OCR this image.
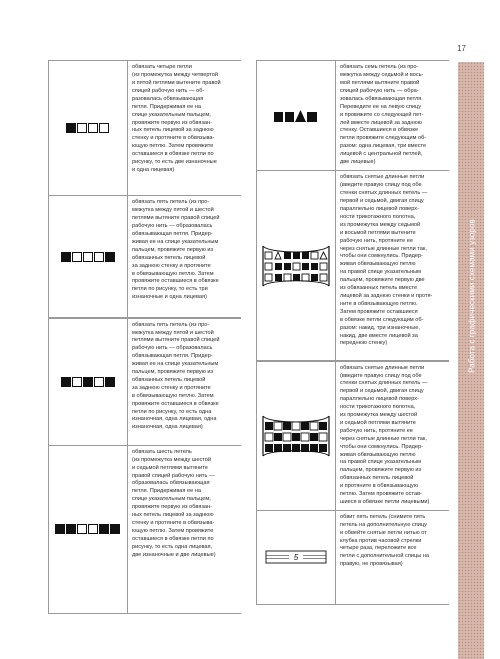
17
Работа с графическими схемами узоров
обвязать четыре петли
(из промежутка между четвертой
и пятой петлями вытените правой
спицей рабочую нить — об-
разовалась обвязывающая
петля. Придерживая ее на
спице указательным пальцем,
провяжите первую из обвязан-
ных петель лицевой за заднюю
стенку и протяните в обвязыва-
ющую петлю. Затем провяжите
оставшиеся в обвязке петли по
рисунку, то есть две изнаночные
и одна лицевая)
обвязать пять петель (из про-
межутка между пятой и шестой
петлями вытяните правой спицей
рабочую нить — образовалась
обвязывающая петля. Придер-
живая ее на спице указательным
пальцем, провяжите первую из
обвязанных петель лицевой
за заднюю стенку и протяните
в обвязывающую петлю. Затем
провяжите оставшиеся в обвязке
петли по рисунку, то есть три
изнаночные и одна лицевая)
обвязать пять петель (из про-
межутка между пятой и шестой
петлями вытяните правой спицей
рабочую нить — образовалась
обвязывающая петля. Придер-
живая ее на спице указательным
пальцем, провяжите первую из
обвязанных петель лицевой
за заднюю стенку и протяните
в обвязывающую петлю. Затем
провяжите оставшиеся в обвязке
петли по рисунку, то есть одна
изнаночная, одна лицевая, одна
изнаночная, одна лицевая)
обвязать шесть петель
(из промежутка между шестой
и седьмой петлями вытяните
правой спицей рабочую нить —
образовалась обвязывающая
петля. Придерживая ее на
спице указательным пальцем,
провяжите первую из обвязан-
ных петель лицевой за заднюю
стенку и протяните в обвязыва-
ющую петлю. Затем провяжите
оставшиеся в обвязке петли по
рисунку, то есть одна лицевая,
две изнаночные и две лицевые)
обвязать семь петель (из про-
межутка между седьмой и вось-
мой петлями вытяните правой
спицей рабочую нить — обра-
зовалась обвязывающая петля.
Переведите ее на левую спицу
и провяжите со следующей пет-
лей вместе лицевой за заднюю
стенку. Оставшиеся в обвязке
петли провяжите следующим об-
разом: одна лицевая, три вместе
лицевой с центральной петлей,
две лицевые)
обвязать снятые длинные петли
(введите правую спицу под обе
стенки снятых длинных петель —
первой и седьмой, двигая спицу
параллельно лицевой поверх-
ности трикотажного полотна,
из промежутка между седьмой
и восьмой петлями вытените
рабочую нить, протяните ее
через снятые длинные петли так,
чтобы они сомкнулись. Придер-
живая обвязывающую петлю
на правой спице указательным
пальцем, провяжите первую две
из обвязанных петель вместе
лицевой за заднюю стенки и протя-
ните в обвязывающую петлю.
Затем провяжите оставшиеся
в обвязке петли следующим об-
разом: накид, три изнаночные,
накид, две вместе лицевой за
переднюю стенку)
обвязать снятые длинные петли
(введите правую спицу под обе
стенки снятых длинных петель —
первой и седьмой, двигая спицу
параллельно лицевой поверх-
ности трикотажного полотна,
из промежутка между шестой
и седьмой петлями вытяните
рабочую нить, протяните ее
через снятые длинные петли так,
чтобы они сомкнулись. Придер-
живая обвязывающую петлю
на правой спице указательным
пальцем, провяжите первую из
обвязанных петель лицевой
и протяните в обвязывающую
петлю. Затем провяжите остав-
шиеся в обвязке петли лицевыми)
5
обвит пять петель (снимите пять
петель на дополнительную спицу
и обвейте снятые петли нитью от
клубка против часовой стрелки
четыре раза, переложите все
петли с дополнительной спицы на
правую, не провязывая)
